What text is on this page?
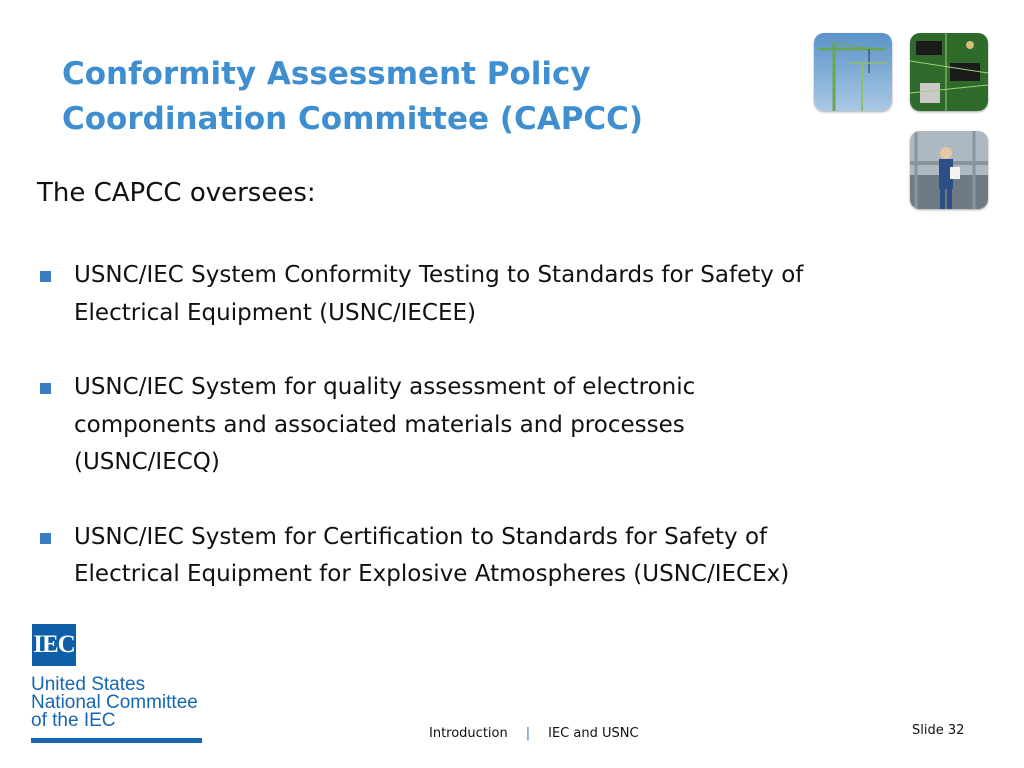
Conformity Assessment Policy
Coordination Committee (CAPCC)

The CAPCC oversees:

USNC/IEC System Conformity Testing to Standards for Safety of
Electrical Equipment (USNC/IECEE)
USNC/IEC System for quality assessment of electronic
components and associated materials and processes
(USNC/IECQ)
USNC/IEC System for Certification to Standards for Safety of
Electrical Equipment for Explosive Atmospheres (USNC/IECEx)
IEC
United States
National Committee
of the IEC
Introduction | IEC and USNC	Slide 32
